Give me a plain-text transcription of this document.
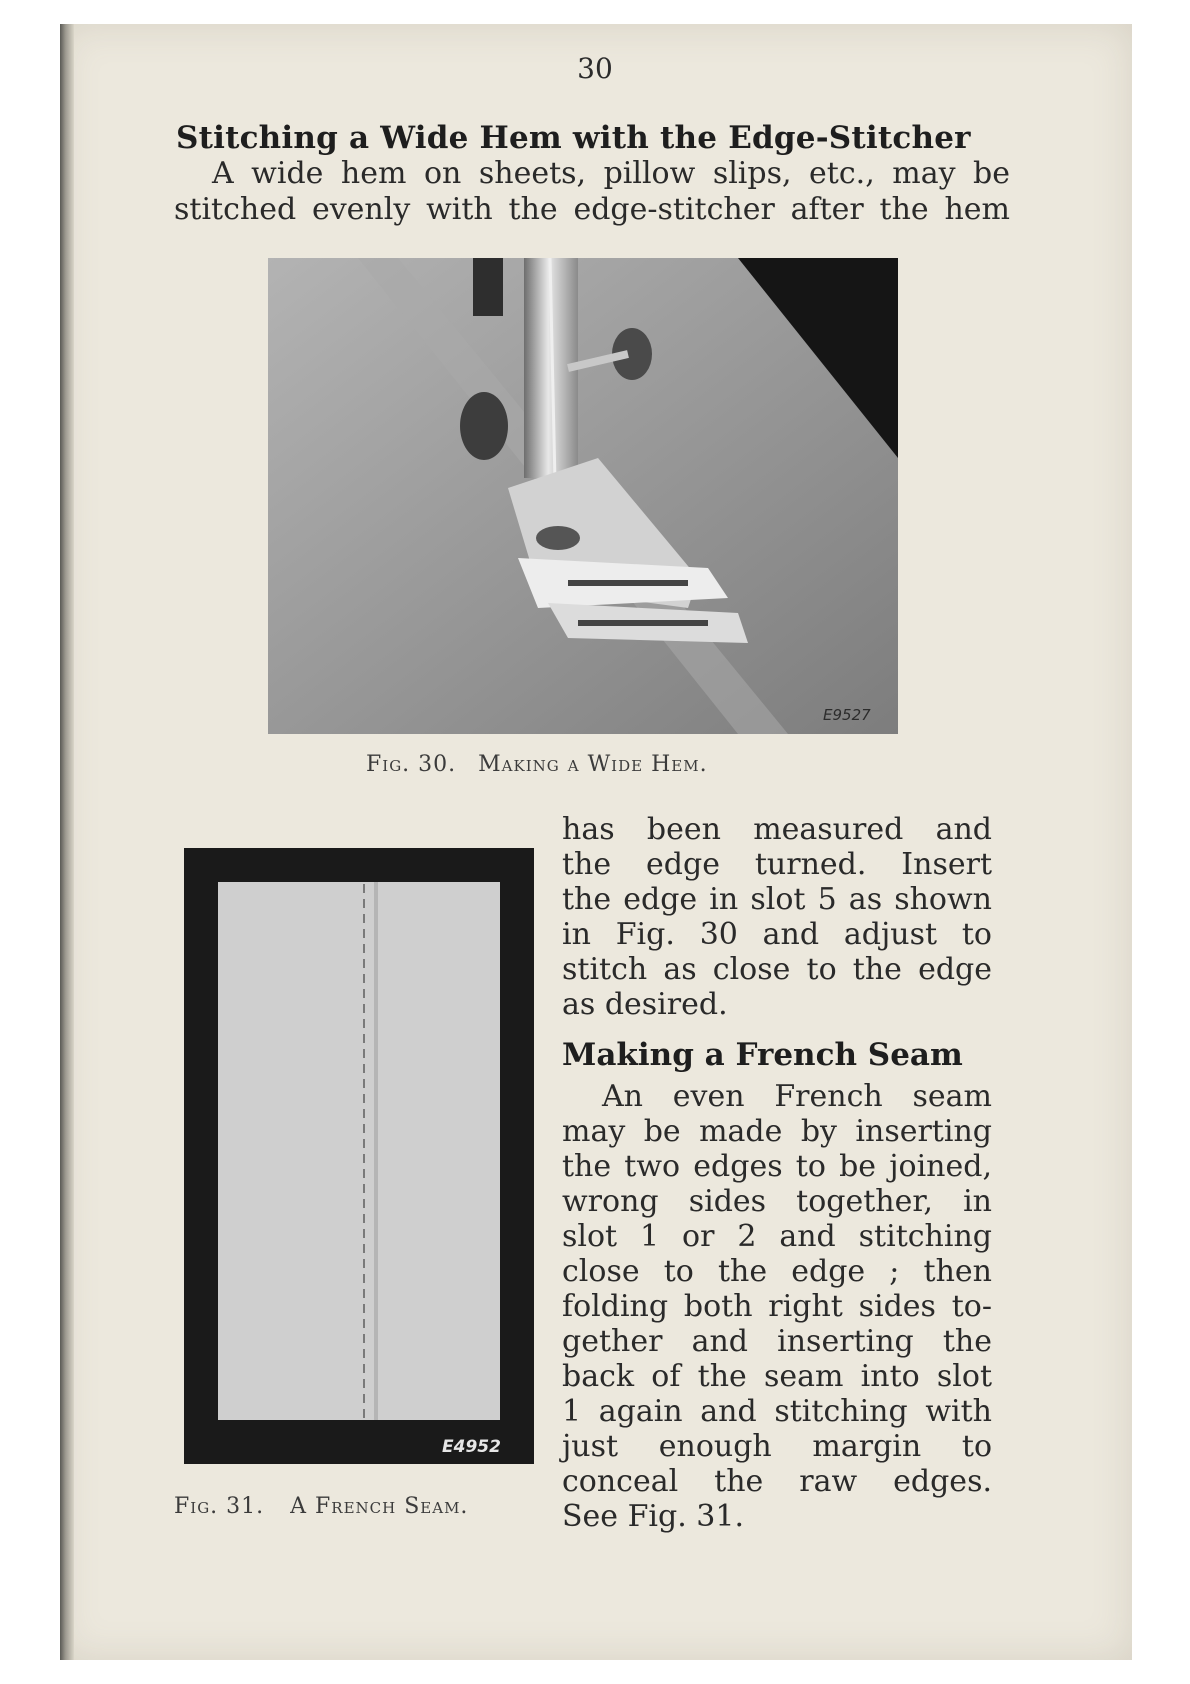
30
Stitching a Wide Hem with the Edge-Stitcher

A wide hem on sheets, pillow slips, etc., may be

stitched evenly with the edge-stitcher after the hem
E9527
Fig. 30. Making a Wide Hem.
E4952
Fig. 31. A French Seam.
has been measured and
the edge turned. Insert
the edge in slot 5 as shown
in Fig. 30 and adjust to
stitch as close to the edge
as desired.
Making a French Seam
An even French seam
may be made by inserting
the two edges to be joined,
wrong sides together, in
slot 1 or 2 and stitching
close to the edge ; then
folding both right sides to-
gether and inserting the
back of the seam into slot
1 again and stitching with
just enough margin to
conceal the raw edges.
See Fig. 31.
